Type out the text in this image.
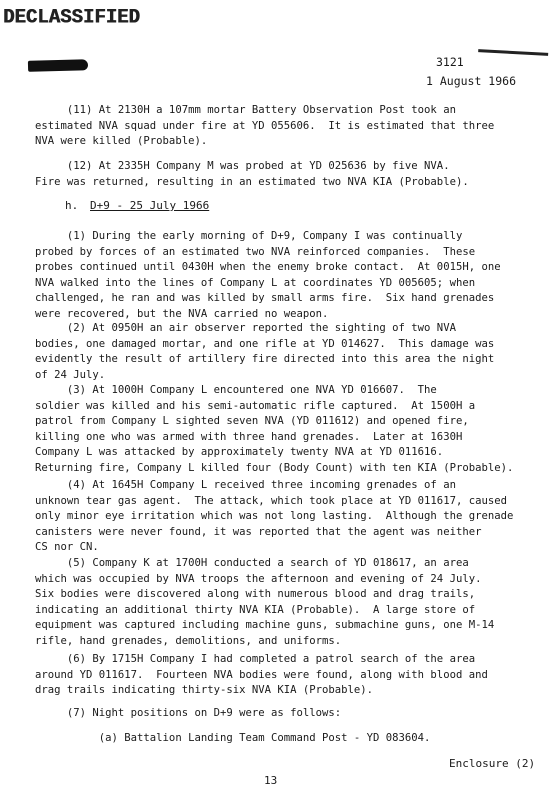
DECLASSIFIED
3121
1 August 1966
(11) At 2130H a 107mm mortar Battery Observation Post took an
estimated NVA squad under fire at YD 055606.  It is estimated that three
NVA were killed (Probable).
(12) At 2335H Company M was probed at YD 025636 by five NVA.
Fire was returned, resulting in an estimated two NVA KIA (Probable).
h. D+9 - 25 July 1966
(1) During the early morning of D+9, Company I was continually
probed by forces of an estimated two NVA reinforced companies.  These
probes continued until 0430H when the enemy broke contact.  At 0015H, one
NVA walked into the lines of Company L at coordinates YD 005605; when
challenged, he ran and was killed by small arms fire.  Six hand grenades
were recovered, but the NVA carried no weapon.
(2) At 0950H an air observer reported the sighting of two NVA
bodies, one damaged mortar, and one rifle at YD 014627.  This damage was
evidently the result of artillery fire directed into this area the night
of 24 July.
(3) At 1000H Company L encountered one NVA YD 016607.  The
soldier was killed and his semi-automatic rifle captured.  At 1500H a
patrol from Company L sighted seven NVA (YD 011612) and opened fire,
killing one who was armed with three hand grenades.  Later at 1630H
Company L was attacked by approximately twenty NVA at YD 011616.
Returning fire, Company L killed four (Body Count) with ten KIA (Probable).
(4) At 1645H Company L received three incoming grenades of an
unknown tear gas agent.  The attack, which took place at YD 011617, caused
only minor eye irritation which was not long lasting.  Although the grenade
canisters were never found, it was reported that the agent was neither
CS nor CN.
(5) Company K at 1700H conducted a search of YD 018617, an area
which was occupied by NVA troops the afternoon and evening of 24 July.
Six bodies were discovered along with numerous blood and drag trails,
indicating an additional thirty NVA KIA (Probable).  A large store of
equipment was captured including machine guns, submachine guns, one M-14
rifle, hand grenades, demolitions, and uniforms.
(6) By 1715H Company I had completed a patrol search of the area
around YD 011617.  Fourteen NVA bodies were found, along with blood and
drag trails indicating thirty-six NVA KIA (Probable).
(7) Night positions on D+9 were as follows:
(a) Battalion Landing Team Command Post - YD 083604.
Enclosure (2)
13
